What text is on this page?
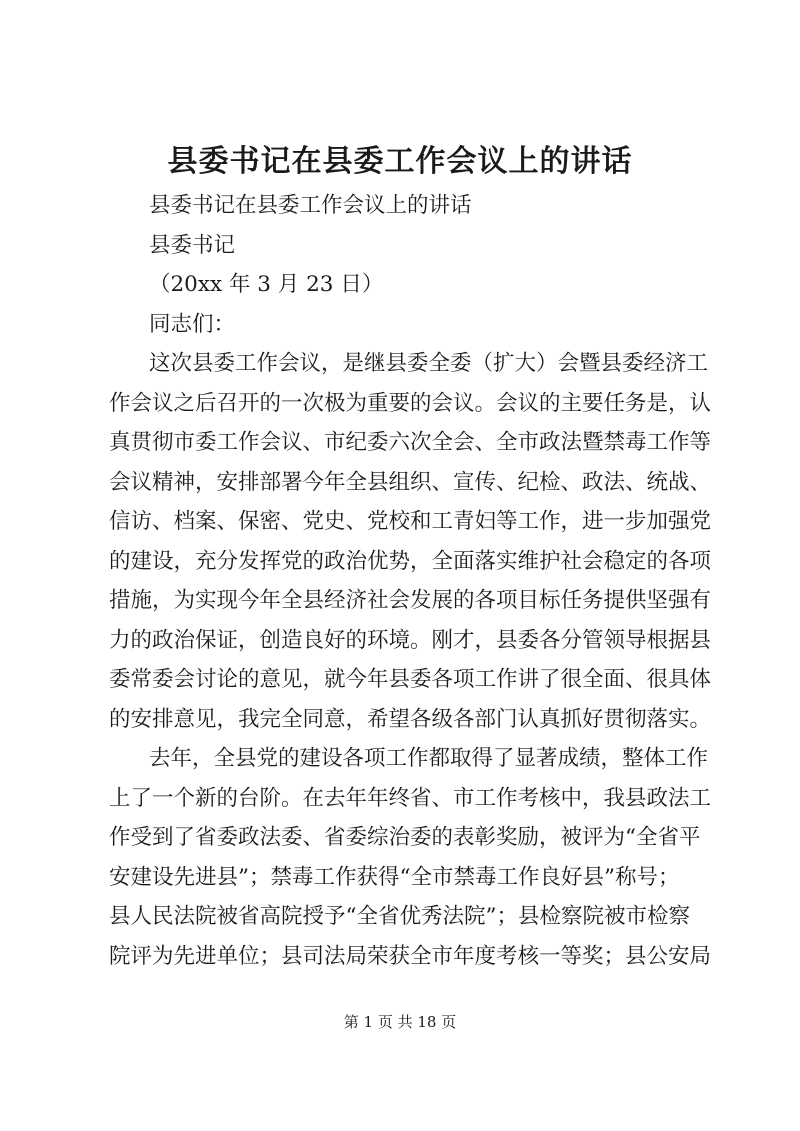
县委书记在县委工作会议上的讲话
县委书记在县委工作会议上的讲话
县委书记
（20xx 年 3 月 23 日）
同志们：
这次县委工作会议，是继县委全委（扩大）会暨县委经济工
作会议之后召开的一次极为重要的会议。会议的主要任务是，认
真贯彻市委工作会议、市纪委六次全会、全市政法暨禁毒工作等
会议精神，安排部署今年全县组织、宣传、纪检、政法、统战、
信访、档案、保密、党史、党校和工青妇等工作，进一步加强党
的建设，充分发挥党的政治优势，全面落实维护社会稳定的各项
措施，为实现今年全县经济社会发展的各项目标任务提供坚强有
力的政治保证，创造良好的环境。刚才，县委各分管领导根据县
委常委会讨论的意见，就今年县委各项工作讲了很全面、很具体
的安排意见，我完全同意，希望各级各部门认真抓好贯彻落实。
去年，全县党的建设各项工作都取得了显著成绩，整体工作
上了一个新的台阶。在去年年终省、市工作考核中，我县政法工
作受到了省委政法委、省委综治委的表彰奖励，被评为“全省平
安建设先进县”；禁毒工作获得“全市禁毒工作良好县”称号；
县人民法院被省高院授予“全省优秀法院”；县检察院被市检察
院评为先进单位；县司法局荣获全市年度考核一等奖；县公安局
第 1 页 共 18 页
